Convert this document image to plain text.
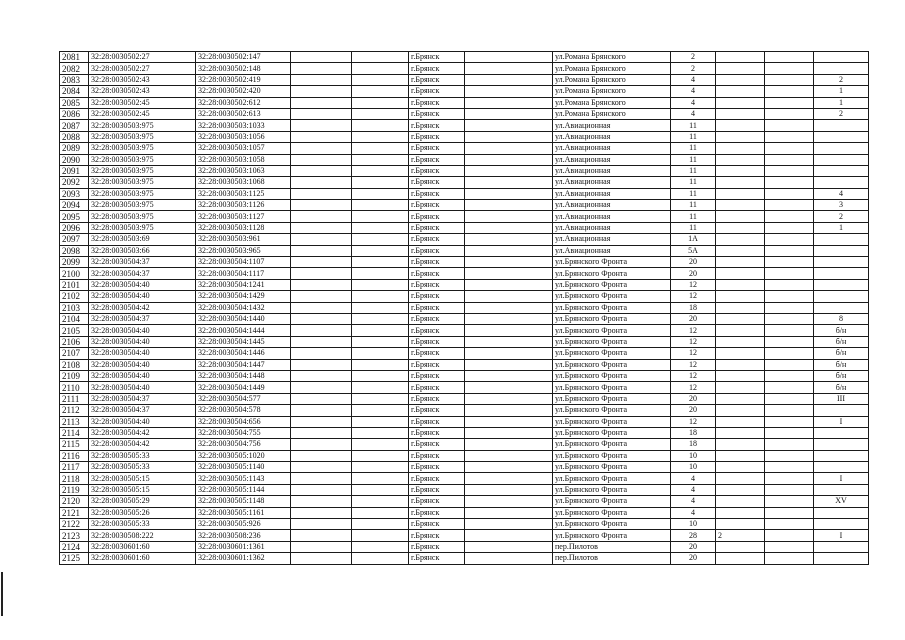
2081	32:28:0030502:27	32:28:0030502:147			г.Брянск		ул.Романа Брянского	2			
2082	32:28:0030502:27	32:28:0030502:148			г.Брянск		ул.Романа Брянского	2			
2083	32:28:0030502:43	32:28:0030502:419			г.Брянск		ул.Романа Брянского	4			2
2084	32:28:0030502:43	32:28:0030502:420			г.Брянск		ул.Романа Брянского	4			1
2085	32:28:0030502:45	32:28:0030502:612			г.Брянск		ул.Романа Брянского	4			1
2086	32:28:0030502:45	32:28:0030502:613			г.Брянск		ул.Романа Брянского	4			2
2087	32:28:0030503:975	32:28:0030503:1033			г.Брянск		ул.Авиационная	11			
2088	32:28:0030503:975	32:28:0030503:1056			г.Брянск		ул.Авиационная	11			
2089	32:28:0030503:975	32:28:0030503:1057			г.Брянск		ул.Авиационная	11			
2090	32:28:0030503:975	32:28:0030503:1058			г.Брянск		ул.Авиационная	11			
2091	32:28:0030503:975	32:28:0030503:1063			г.Брянск		ул.Авиационная	11			
2092	32:28:0030503:975	32:28:0030503:1068			г.Брянск		ул.Авиационная	11			
2093	32:28:0030503:975	32:28:0030503:1125			г.Брянск		ул.Авиационная	11			4
2094	32:28:0030503:975	32:28:0030503:1126			г.Брянск		ул.Авиационная	11			3
2095	32:28:0030503:975	32:28:0030503:1127			г.Брянск		ул.Авиационная	11			2
2096	32:28:0030503:975	32:28:0030503:1128			г.Брянск		ул.Авиационная	11			1
2097	32:28:0030503:69	32:28:0030503:961			г.Брянск		ул.Авиационная	1А			
2098	32:28:0030503:66	32:28:0030503:965			г.Брянск		ул.Авиационная	5А			
2099	32:28:0030504:37	32:28:0030504:1107			г.Брянск		ул.Брянского Фронта	20			
2100	32:28:0030504:37	32:28:0030504:1117			г.Брянск		ул.Брянского Фронта	20			
2101	32:28:0030504:40	32:28:0030504:1241			г.Брянск		ул.Брянского Фронта	12			
2102	32:28:0030504:40	32:28:0030504:1429			г.Брянск		ул.Брянского Фронта	12			
2103	32:28:0030504:42	32:28:0030504:1432			г.Брянск		ул.Брянского Фронта	18			
2104	32:28:0030504:37	32:28:0030504:1440			г.Брянск		ул.Брянского Фронта	20			8
2105	32:28:0030504:40	32:28:0030504:1444			г.Брянск		ул.Брянского Фронта	12			б/н
2106	32:28:0030504:40	32:28:0030504:1445			г.Брянск		ул.Брянского Фронта	12			б/н
2107	32:28:0030504:40	32:28:0030504:1446			г.Брянск		ул.Брянского Фронта	12			б/н
2108	32:28:0030504:40	32:28:0030504:1447			г.Брянск		ул.Брянского Фронта	12			б/н
2109	32:28:0030504:40	32:28:0030504:1448			г.Брянск		ул.Брянского Фронта	12			б/н
2110	32:28:0030504:40	32:28:0030504:1449			г.Брянск		ул.Брянского Фронта	12			б/н
2111	32:28:0030504:37	32:28:0030504:577			г.Брянск		ул.Брянского Фронта	20			III
2112	32:28:0030504:37	32:28:0030504:578			г.Брянск		ул.Брянского Фронта	20			
2113	32:28:0030504:40	32:28:0030504:656			г.Брянск		ул.Брянского Фронта	12			I
2114	32:28:0030504:42	32:28:0030504:755			г.Брянск		ул.Брянского Фронта	18			
2115	32:28:0030504:42	32:28:0030504:756			г.Брянск		ул.Брянского Фронта	18			
2116	32:28:0030505:33	32:28:0030505:1020			г.Брянск		ул.Брянского Фронта	10			
2117	32:28:0030505:33	32:28:0030505:1140			г.Брянск		ул.Брянского Фронта	10			
2118	32:28:0030505:15	32:28:0030505:1143			г.Брянск		ул.Брянского Фронта	4			I
2119	32:28:0030505:15	32:28:0030505:1144			г.Брянск		ул.Брянского Фронта	4			
2120	32:28:0030505:29	32:28:0030505:1148			г.Брянск		ул.Брянского Фронта	4			XV
2121	32:28:0030505:26	32:28:0030505:1161			г.Брянск		ул.Брянского Фронта	4			
2122	32:28:0030505:33	32:28:0030505:926			г.Брянск		ул.Брянского Фронта	10			
2123	32:28:0030508:222	32:28:0030508:236			г.Брянск		ул.Брянского Фронта	28	2		I
2124	32:28:0030601:60	32:28:0030601:1361			г.Брянск		пер.Пилотов	20			
2125	32:28:0030601:60	32:28:0030601:1362			г.Брянск		пер.Пилотов	20			
